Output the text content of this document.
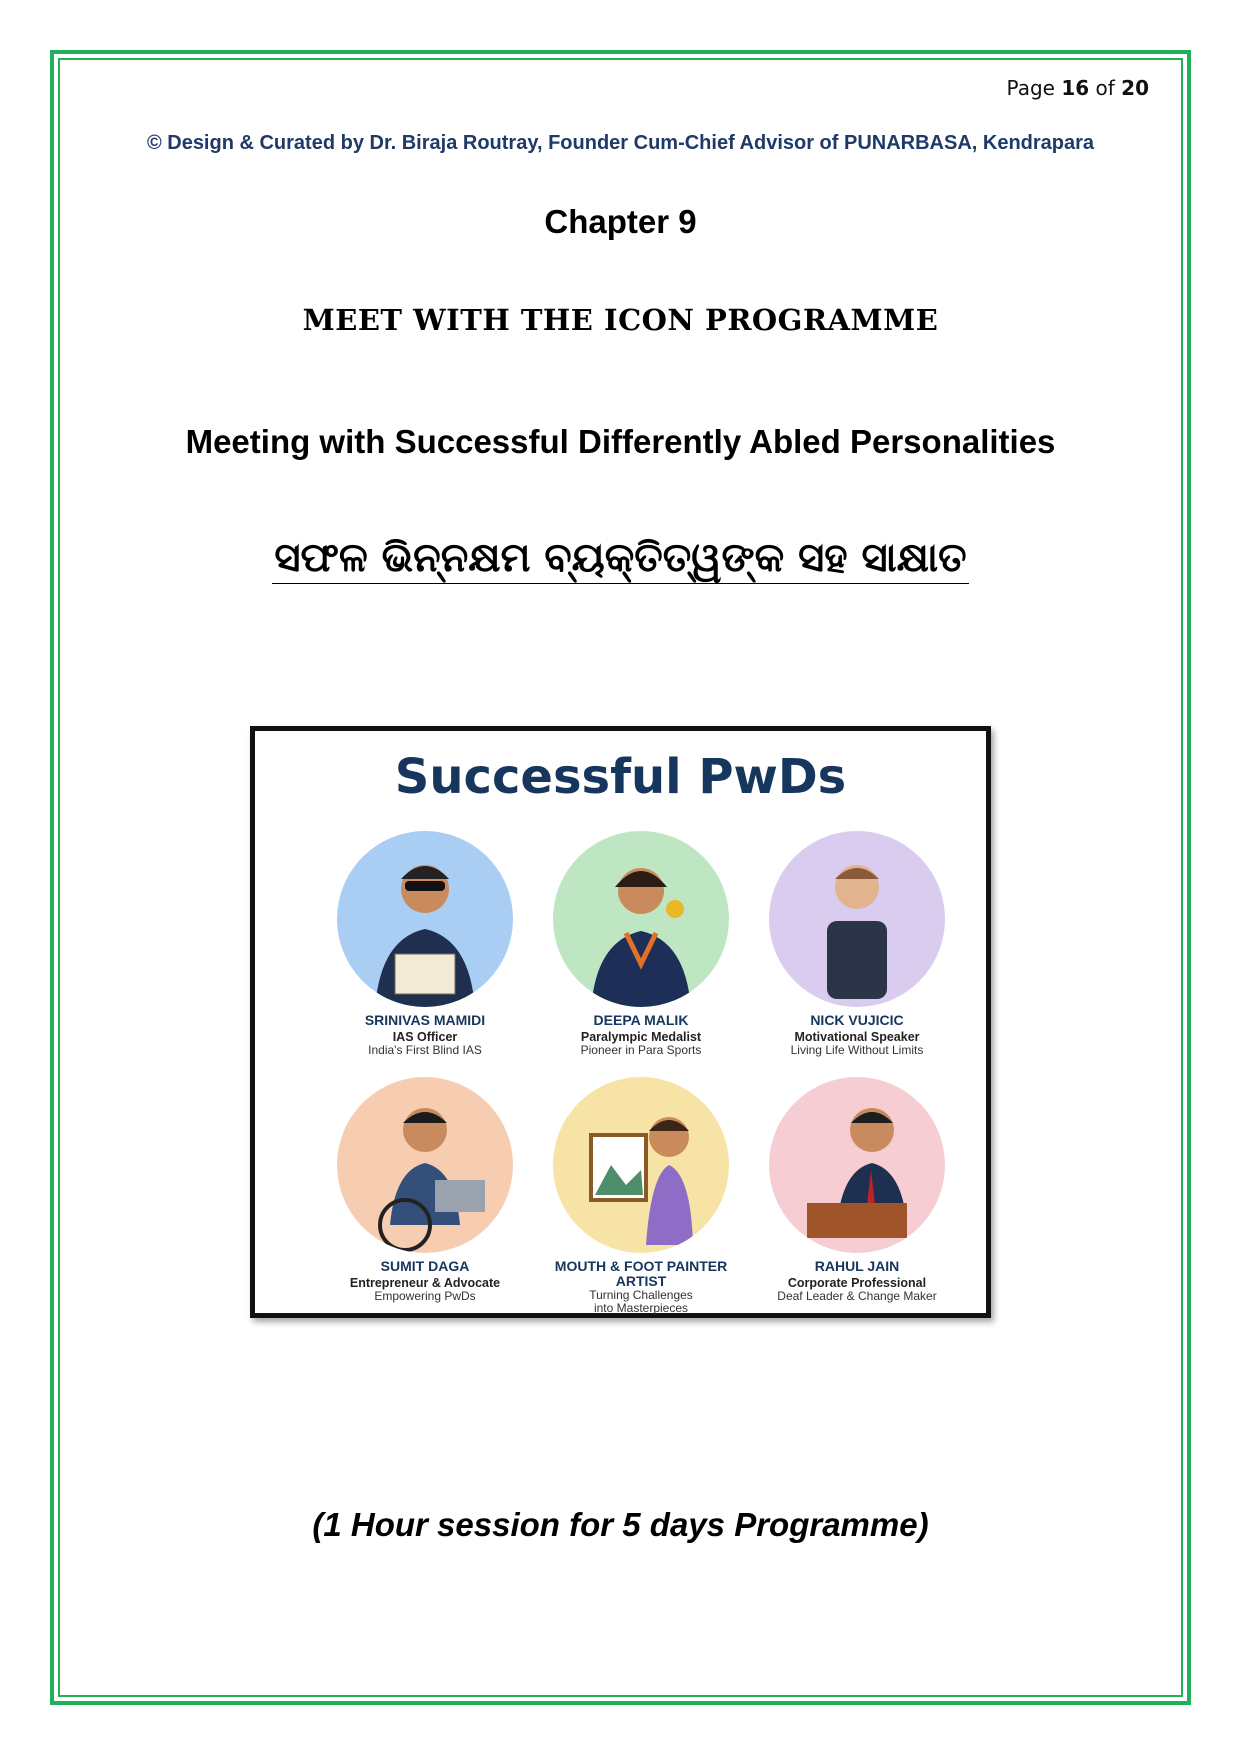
Page 16 of 20
© Design & Curated by Dr. Biraja Routray, Founder Cum-Chief Advisor of PUNARBASA, Kendrapara
Chapter 9
MEET WITH THE ICON PROGRAMME
Meeting with Successful Differently Abled Personalities
ସଫଳ ଭିନ୍ନକ୍ଷମ ବ୍ୟକ୍ତିତ୍ୱଙ୍କ ସହ ସାକ୍ଷାତ
Successful PwDs
SRINIVAS MAMIDI
IAS Officer
India's First Blind IAS
DEEPA MALIK
Paralympic Medalist
Pioneer in Para Sports
NICK VUJICIC
Motivational Speaker
Living Life Without Limits
SUMIT DAGA
Entrepreneur & Advocate
Empowering PwDs
MOUTH & FOOT PAINTER
ARTIST
Turning Challenges
into Masterpieces
RAHUL JAIN
Corporate Professional
Deaf Leader & Change Maker
(1 Hour session for 5 days Programme)
